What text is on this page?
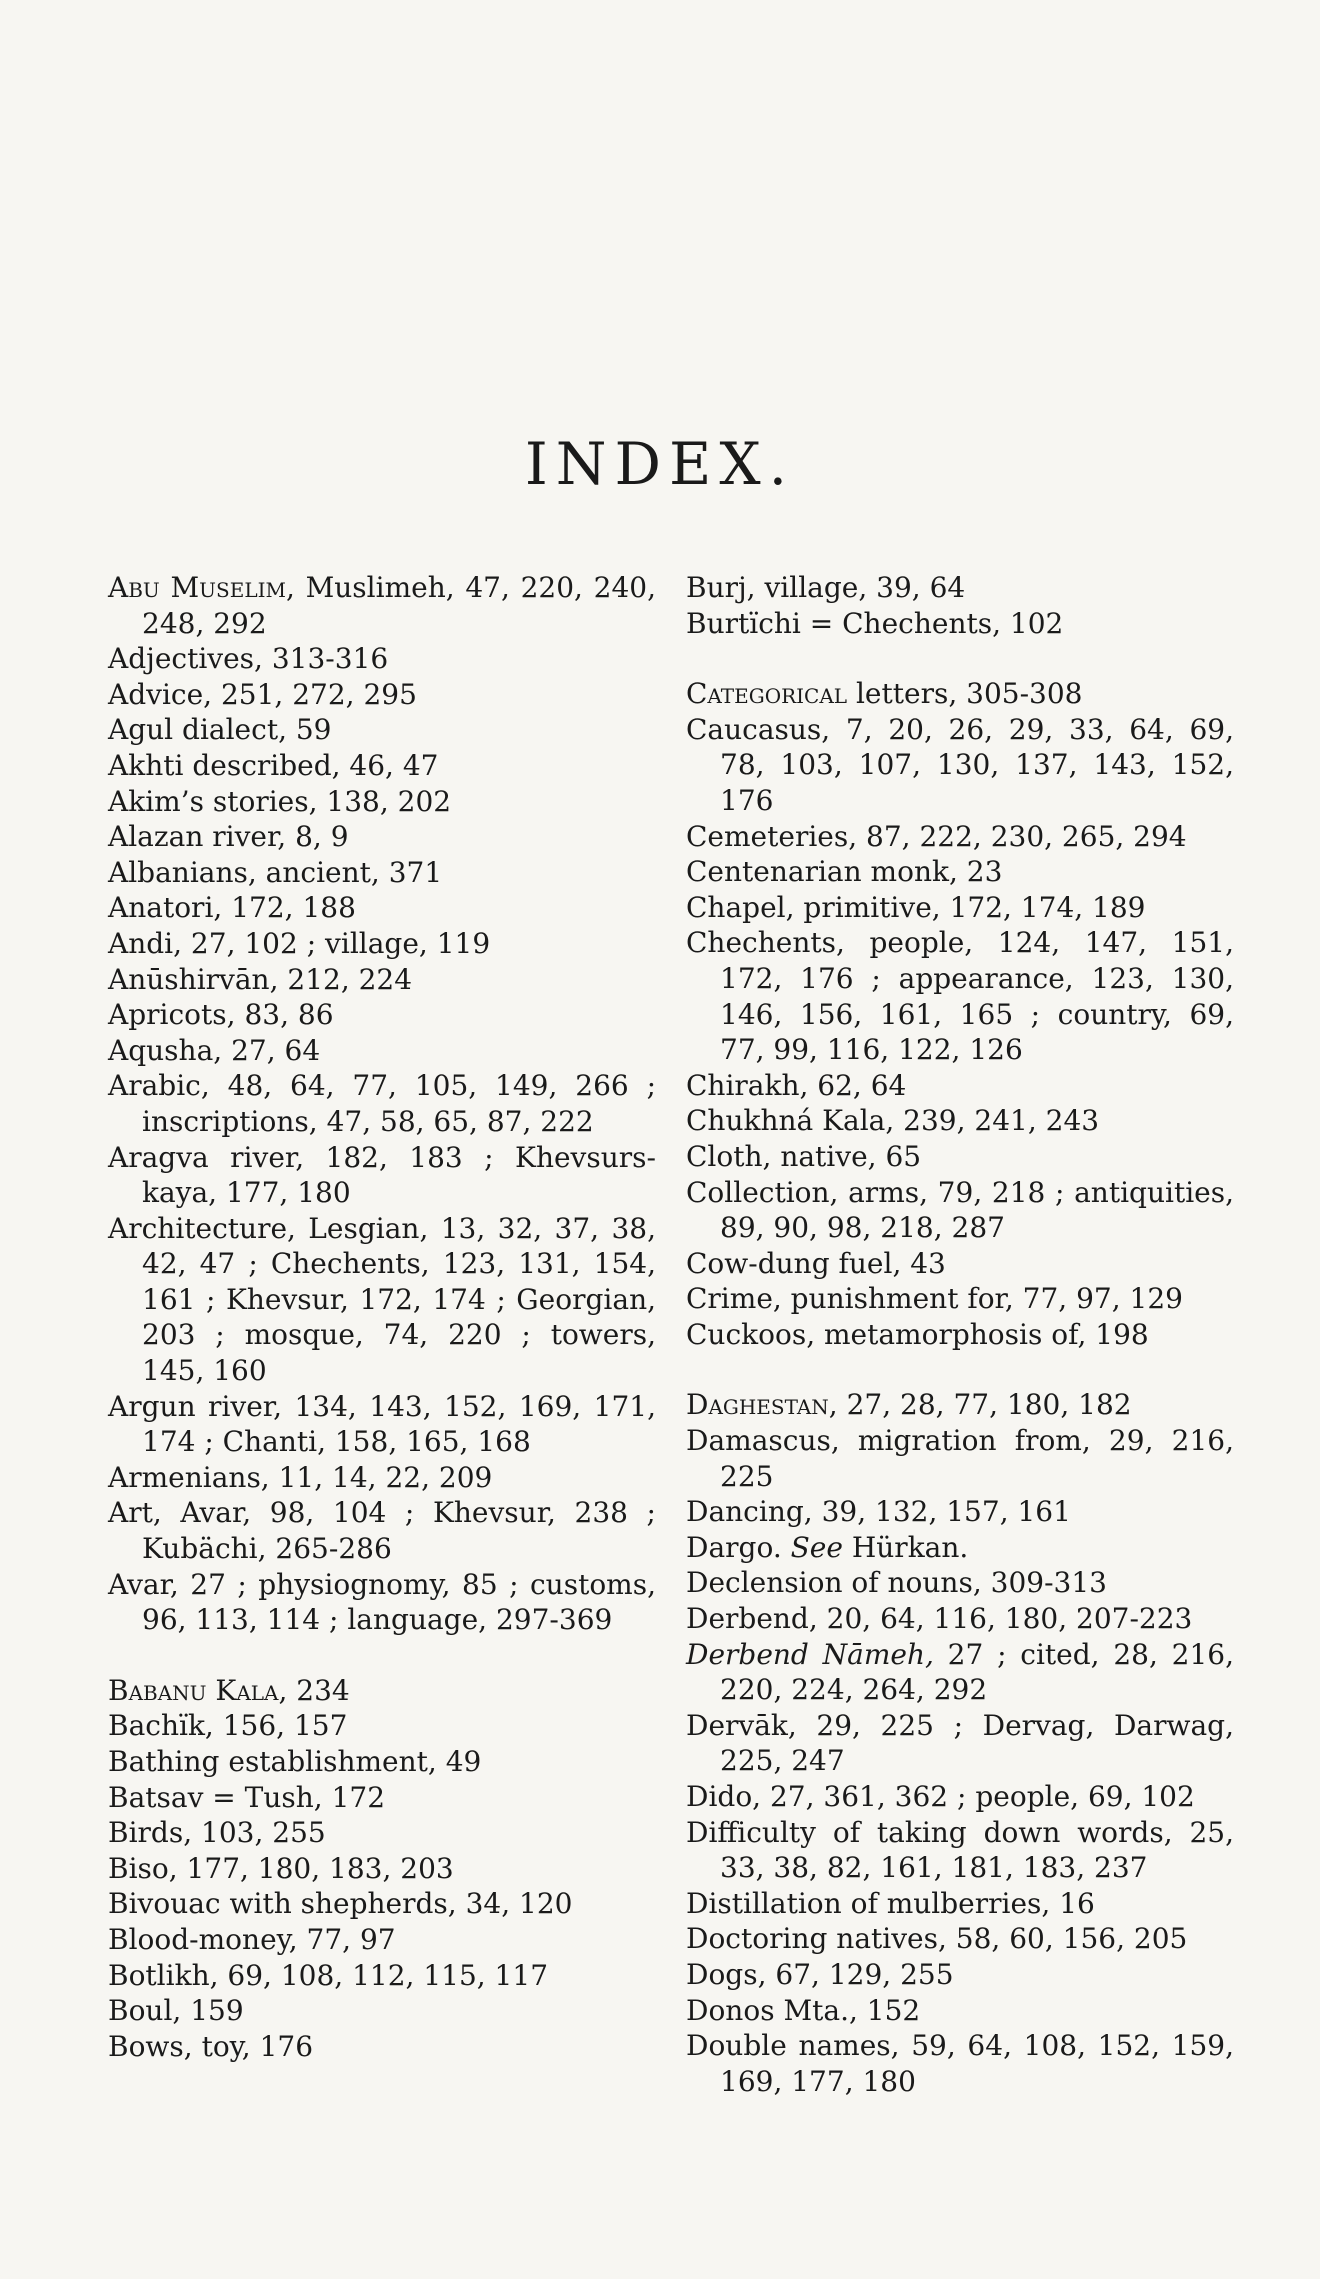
INDEX.
Abu Muselim, Muslimeh, 47, 220, 240, 248, 292
Adjectives, 313-316
Advice, 251, 272, 295
Agul dialect, 59
Akhti described, 46, 47
Akim’s stories, 138, 202
Alazan river, 8, 9
Albanians, ancient, 371
Anatori, 172, 188
Andi, 27, 102 ; village, 119
Anūshirvān, 212, 224
Apricots, 83, 86
Aqusha, 27, 64
Arabic, 48, 64, 77, 105, 149, 266 ; inscriptions, 47, 58, 65, 87, 222
Aragva river, 182, 183 ; Khevsurskaya, 177, 180
Architecture, Lesgian, 13, 32, 37, 38, 42, 47 ; Chechents, 123, 131, 154, 161 ; Khevsur, 172, 174 ; Georgian, 203 ; mosque, 74, 220 ; towers, 145, 160
Argun river, 134, 143, 152, 169, 171, 174 ; Chanti, 158, 165, 168
Armenians, 11, 14, 22, 209
Art, Avar, 98, 104 ; Khevsur, 238 ; Kubächi, 265-286
Avar, 27 ; physiognomy, 85 ; customs, 96, 113, 114 ; language, 297-369
Babanu Kala, 234
Bachïk, 156, 157
Bathing establishment, 49
Batsav = Tush, 172
Birds, 103, 255
Biso, 177, 180, 183, 203
Bivouac with shepherds, 34, 120
Blood-money, 77, 97
Botlikh, 69, 108, 112, 115, 117
Boul, 159
Bows, toy, 176
Burj, village, 39, 64
Burtïchi = Chechents, 102
Categorical letters, 305-308
Caucasus, 7, 20, 26, 29, 33, 64, 69, 78, 103, 107, 130, 137, 143, 152, 176
Cemeteries, 87, 222, 230, 265, 294
Centenarian monk, 23
Chapel, primitive, 172, 174, 189
Chechents, people, 124, 147, 151, 172, 176 ; appearance, 123, 130, 146, 156, 161, 165 ; country, 69, 77, 99, 116, 122, 126
Chirakh, 62, 64
Chukhná Kala, 239, 241, 243
Cloth, native, 65
Collection, arms, 79, 218 ; antiquities, 89, 90, 98, 218, 287
Cow-dung fuel, 43
Crime, punishment for, 77, 97, 129
Cuckoos, metamorphosis of, 198
Daghestan, 27, 28, 77, 180, 182
Damascus, migration from, 29, 216, 225
Dancing, 39, 132, 157, 161
Dargo. See Hürkan.
Declension of nouns, 309-313
Derbend, 20, 64, 116, 180, 207-223
Derbend Nāmeh, 27 ; cited, 28, 216, 220, 224, 264, 292
Dervāk, 29, 225 ; Dervag, Darwag, 225, 247
Dido, 27, 361, 362 ; people, 69, 102
Difficulty of taking down words, 25, 33, 38, 82, 161, 181, 183, 237
Distillation of mulberries, 16
Doctoring natives, 58, 60, 156, 205
Dogs, 67, 129, 255
Donos Mta., 152
Double names, 59, 64, 108, 152, 159, 169, 177, 180
